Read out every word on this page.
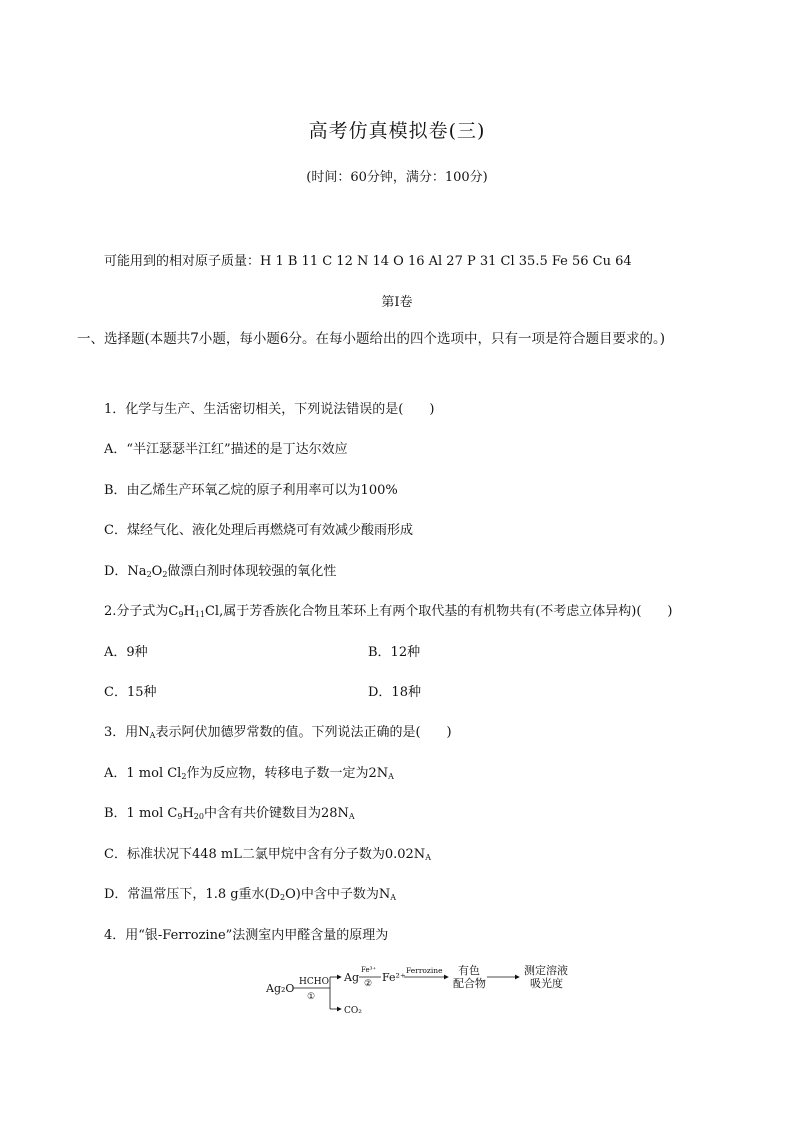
高考仿真模拟卷(三)
(时间：60分钟，满分：100分)
可能用到的相对原子质量：H 1 B 11 C 12 N 14 O 16 Al 27 P 31 Cl 35.5 Fe 56 Cu 64
第Ⅰ卷
一、选择题(本题共7小题，每小题6分。在每小题给出的四个选项中，只有一项是符合题目要求的。)
1．化学与生产、生活密切相关，下列说法错误的是(　　)
A．“半江瑟瑟半江红”描述的是丁达尔效应
B．由乙烯生产环氧乙烷的原子利用率可以为100%
C．煤经气化、液化处理后再燃烧可有效减少酸雨形成
D．$Na_2O_2$做漂白剂时体现较强的氧化性
2.分子式为$C_9H_{11}Cl$,属于芳香族化合物且苯环上有两个取代基的有机物共有(不考虑立体异构)(　　)
A．9种	B．12种
C．15种	D．18种
3．用$N_A$表示阿伏加德罗常数的值。下列说法正确的是(　　)
A．1 mol $Cl_2$作为反应物，转移电子数一定为$2N_A$
B．1 mol $C_9H_{20}$中含有共价键数目为$28N_A$
C．标准状况下448 mL二氯甲烷中含有分子数为$0.02N_A$
D．常温常压下，1.8 g重水$(D_2O)$中含中子数为$N_A$
4．用“银-Ferrozine”法测室内甲醛含量的原理为
Ag₂O HCHO
①
Ag
CO₂
Fe³⁺
② Fe²⁺
Ferrozine 有色
配合物
测定溶液
吸光度
